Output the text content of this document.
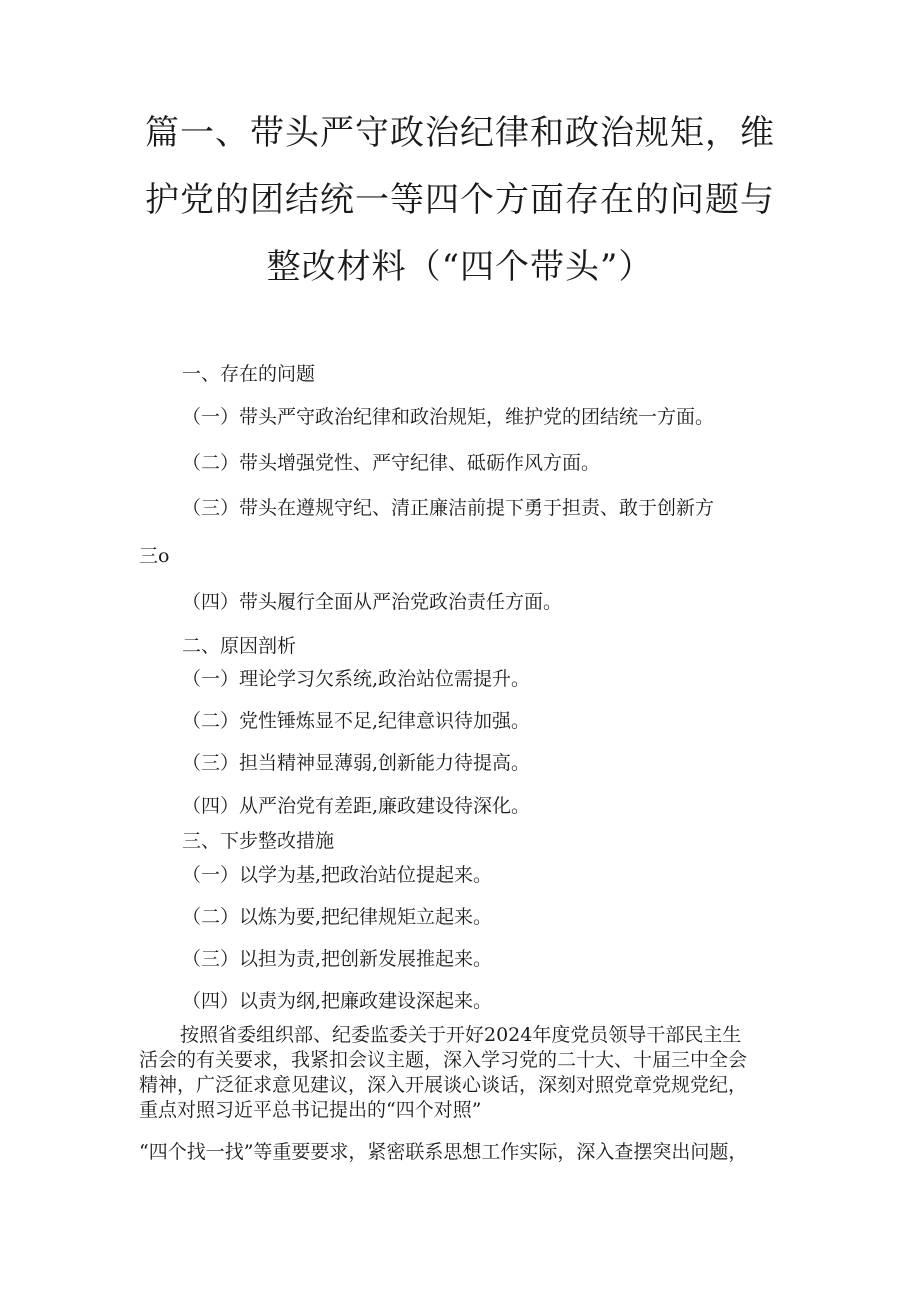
篇一、带头严守政治纪律和政治规矩，维
护党的团结统一等四个方面存在的问题与
整改材料（“四个带头”）
一、存在的问题
（一）带头严守政治纪律和政治规矩，维护党的团结统一方面。
（二）带头增强党性、严守纪律、砥砺作风方面。
（三）带头在遵规守纪、清正廉洁前提下勇于担责、敢于创新方
三o
（四）带头履行全面从严治党政治责任方面。
二、原因剖析
（一）理论学习欠系统,政治站位需提升。
（二）党性锤炼显不足,纪律意识待加强。
（三）担当精神显薄弱,创新能力待提高。
（四）从严治党有差距,廉政建设待深化。
三、下步整改措施
（一）以学为基,把政治站位提起来。
（二）以炼为要,把纪律规矩立起来。
（三）以担为责,把创新发展推起来。
（四）以责为纲,把廉政建设深起来。
按照省委组织部、纪委监委关于开好2024年度党员领导干部民主生
活会的有关要求，我紧扣会议主题，深入学习党的二十大、十届三中全会
精神，广泛征求意见建议，深入开展谈心谈话，深刻对照党章党规党纪，
重点对照习近平总书记提出的“四个对照”
“四个找一找”等重要要求，紧密联系思想工作实际，深入查摆突出问题，
